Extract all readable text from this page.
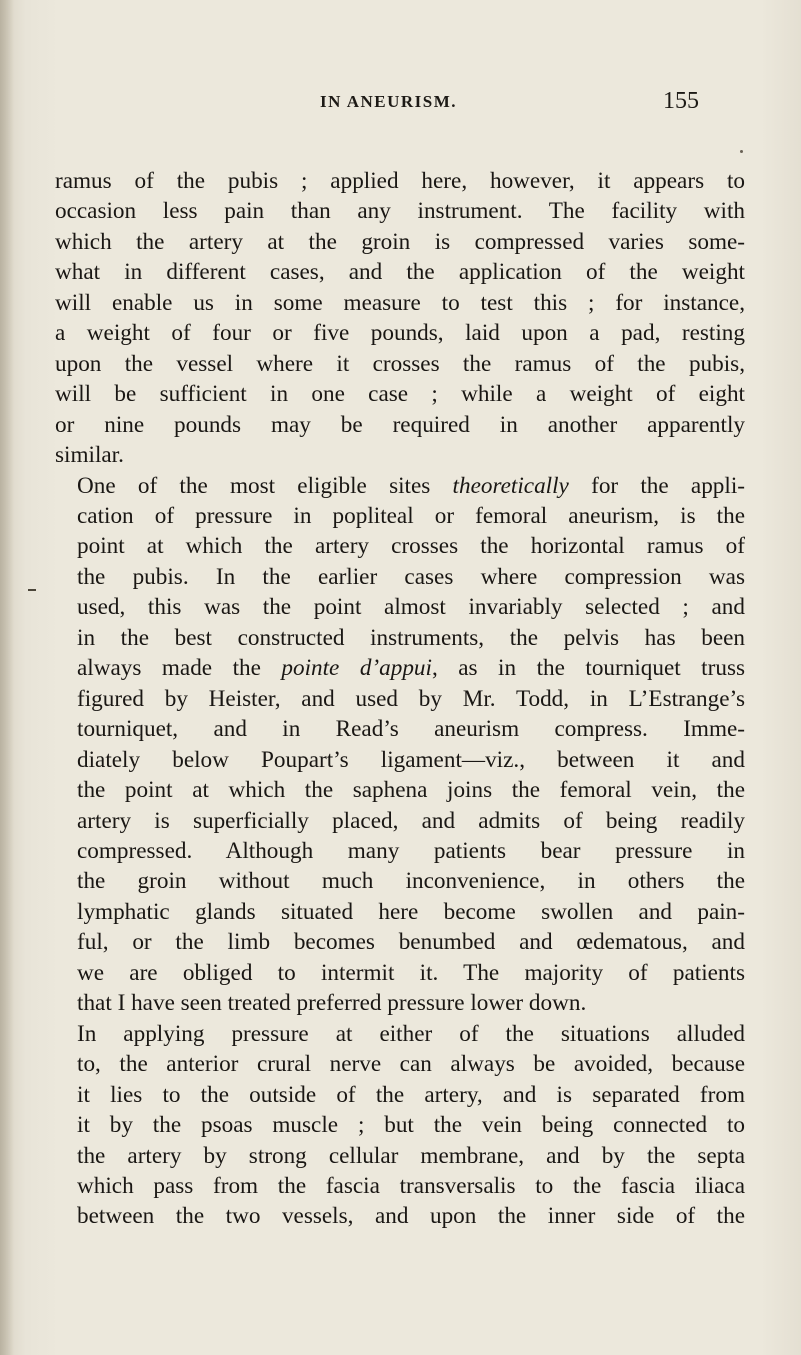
IN ANEURISM.	155

ramus of the pubis ; applied here, however, it appears to
occasion less pain than any instrument. The facility with
which the artery at the groin is compressed varies some-
what in different cases, and the application of the weight
will enable us in some measure to test this ; for instance,
a weight of four or five pounds, laid upon a pad, resting
upon the vessel where it crosses the ramus of the pubis,
will be sufficient in one case ; while a weight of eight
or nine pounds may be required in another apparently
similar.

One of the most eligible sites theoretically for the appli-
cation of pressure in popliteal or femoral aneurism, is the
point at which the artery crosses the horizontal ramus of
the pubis. In the earlier cases where compression was
used, this was the point almost invariably selected ; and
in the best constructed instruments, the pelvis has been
always made the pointe d’appui, as in the tourniquet truss
figured by Heister, and used by Mr. Todd, in L’Estrange’s
tourniquet, and in Read’s aneurism compress. Imme-
diately below Poupart’s ligament—viz., between it and
the point at which the saphena joins the femoral vein, the
artery is superficially placed, and admits of being readily
compressed. Although many patients bear pressure in
the groin without much inconvenience, in others the
lymphatic glands situated here become swollen and pain-
ful, or the limb becomes benumbed and œdematous, and
we are obliged to intermit it. The majority of patients
that I have seen treated preferred pressure lower down.

In applying pressure at either of the situations alluded
to, the anterior crural nerve can always be avoided, because
it lies to the outside of the artery, and is separated from
it by the psoas muscle ; but the vein being connected to
the artery by strong cellular membrane, and by the septa
which pass from the fascia transversalis to the fascia iliaca
between the two vessels, and upon the inner side of the
